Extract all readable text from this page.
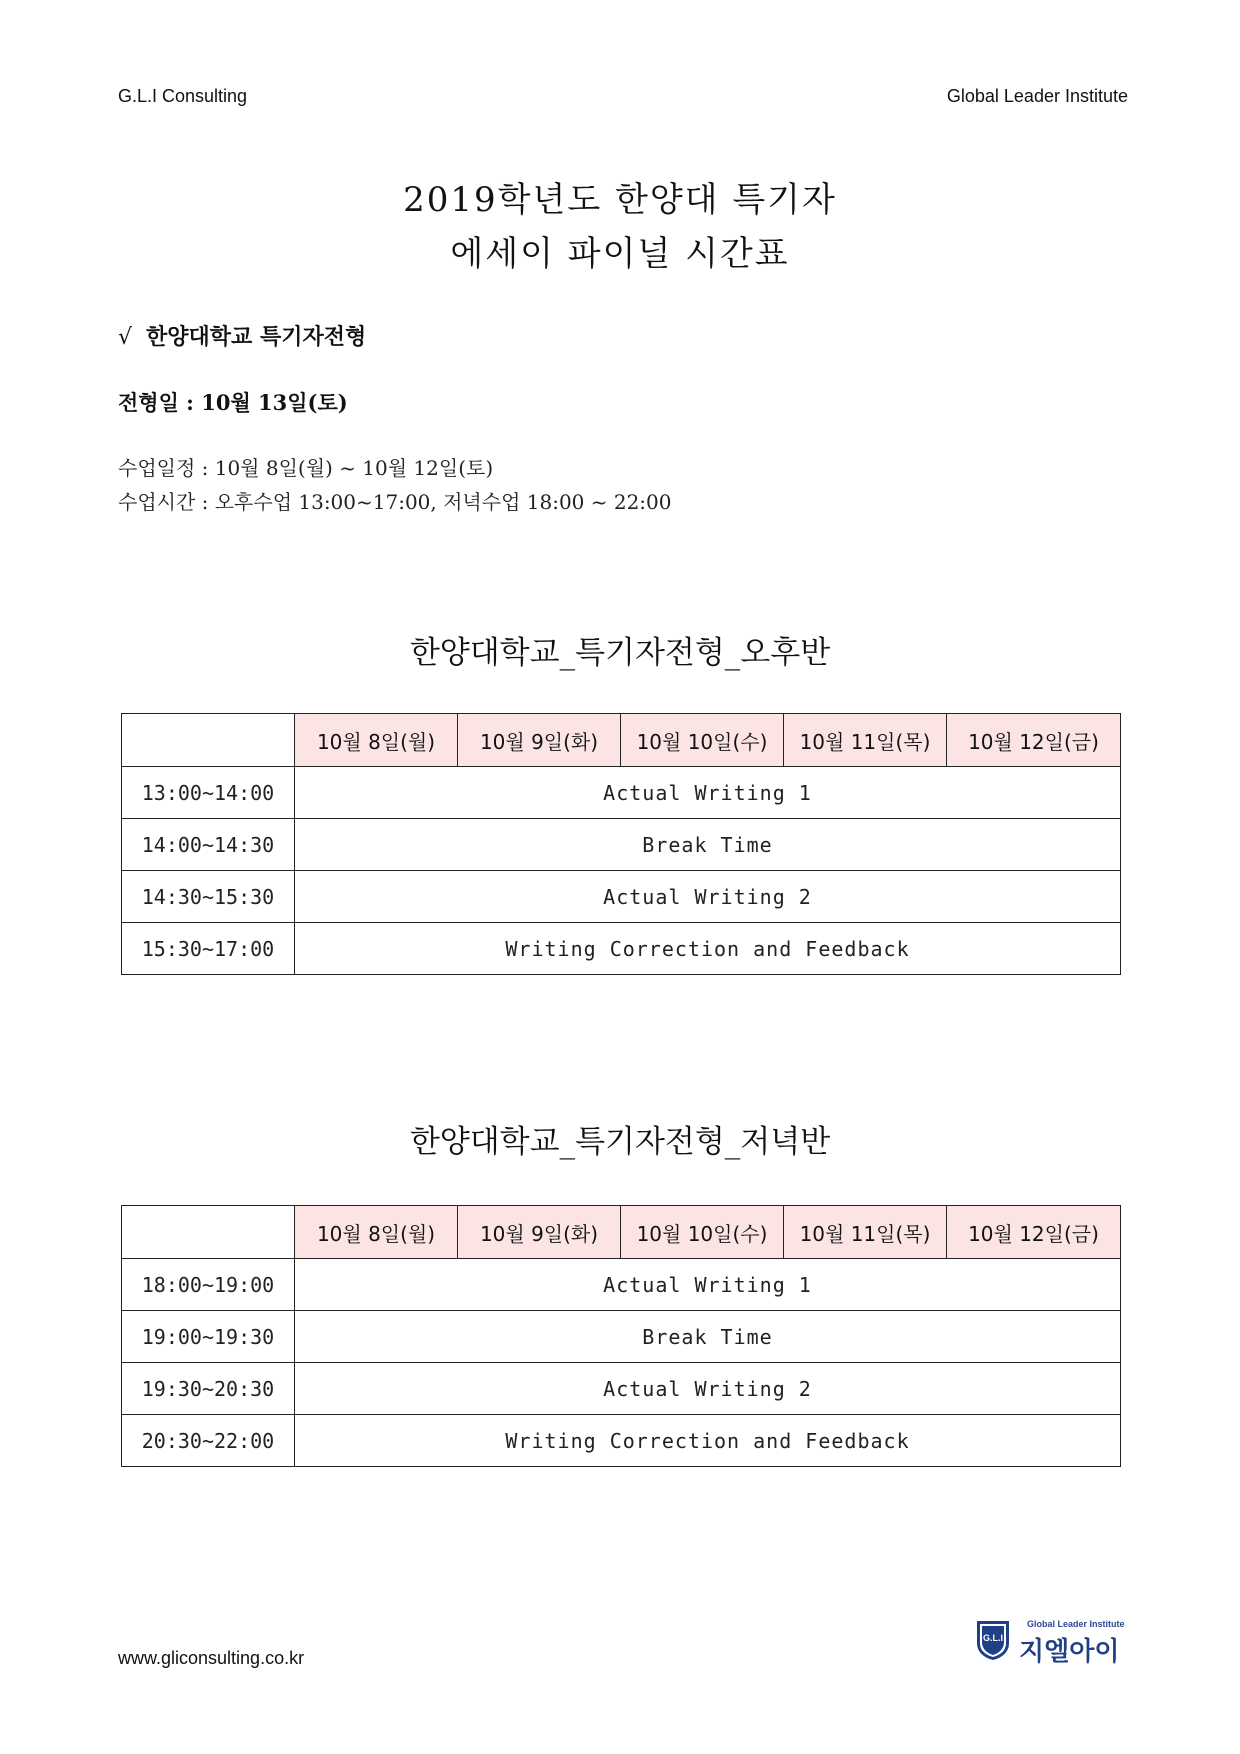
G.L.I Consulting	Global Leader Institute
2019학년도 한양대 특기자
에세이 파이널 시간표
√ 한양대학교 특기자전형
전형일 : 10월 13일(토)
수업일정 : 10월 8일(월) ~ 10월 12일(토)
수업시간 : 오후수업 13:00~17:00, 저녁수업 18:00 ~ 22:00
한양대학교_특기자전형_오후반
	10월 8일(월)	10월 9일(화)	10월 10일(수)	10월 11일(목)	10월 12일(금)
13:00~14:00	Actual Writing 1				
14:00~14:30	Break Time				
14:30~15:30	Actual Writing 2				
15:30~17:00	Writing Correction and Feedback				
한양대학교_특기자전형_저녁반
	10월 8일(월)	10월 9일(화)	10월 10일(수)	10월 11일(목)	10월 12일(금)
18:00~19:00	Actual Writing 1				
19:00~19:30	Break Time				
19:30~20:30	Actual Writing 2				
20:30~22:00	Writing Correction and Feedback				
www.gliconsulting.co.kr
G.L.I
Global Leader Institute
지엘아이
